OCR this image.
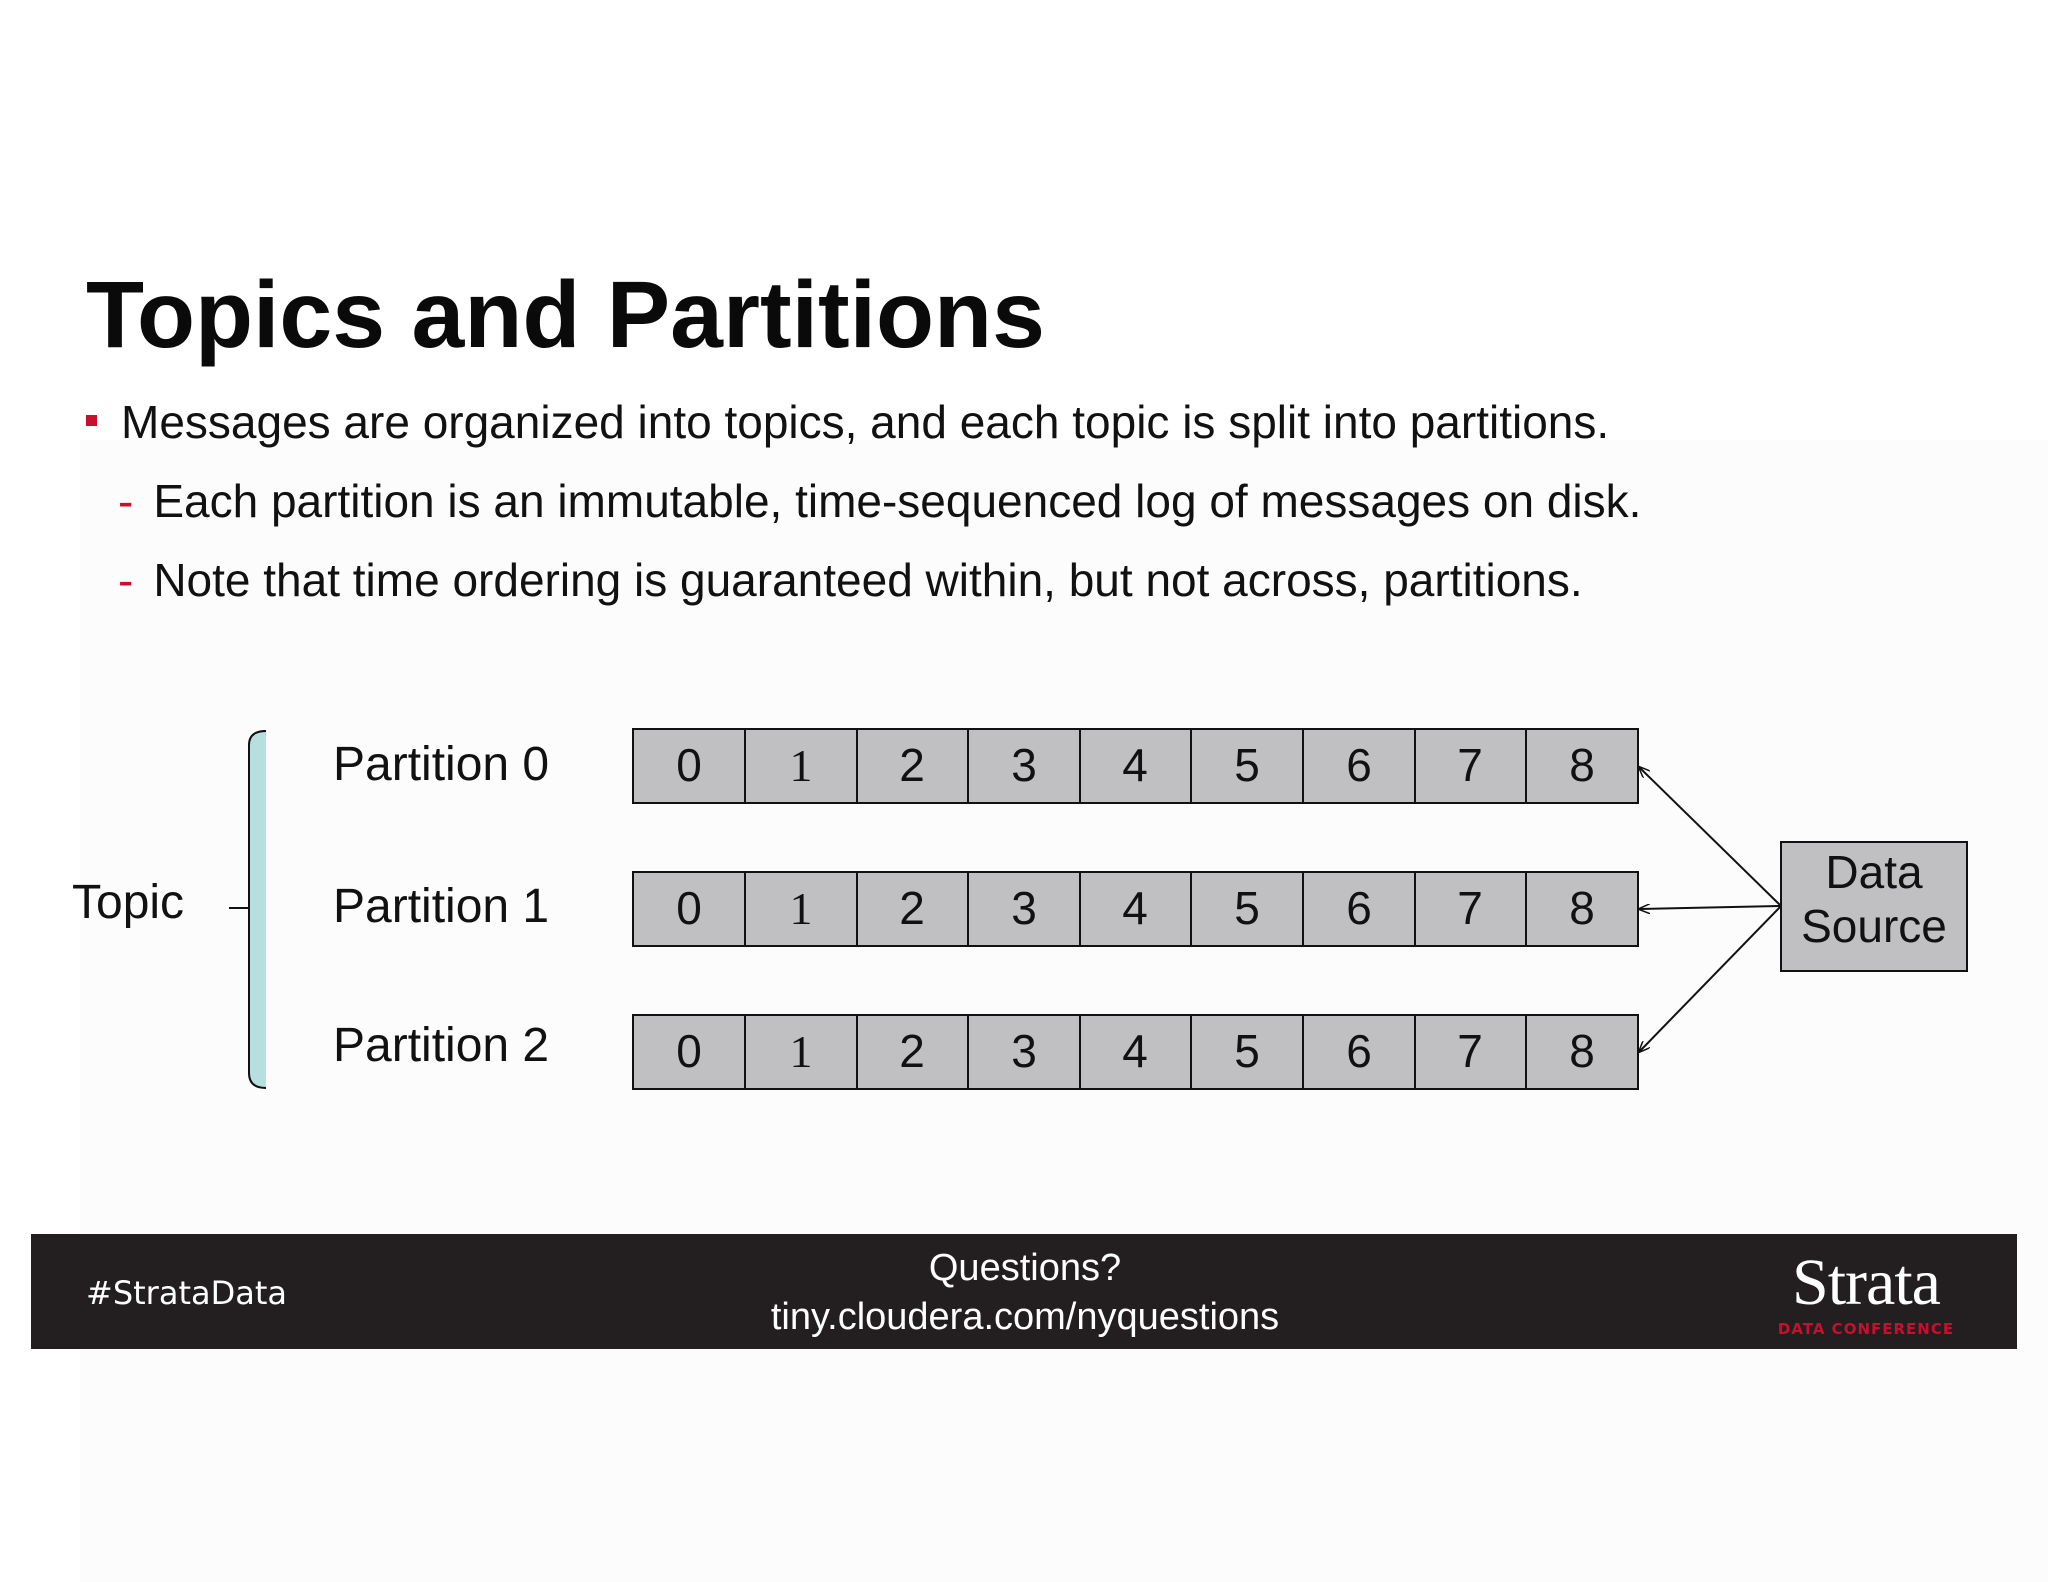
Topics and Partitions
Messages are organized into topics, and each topic is split into partitions.
- Each partition is an immutable, time-sequenced log of messages on disk.
- Note that time ordering is guaranteed within, but not across, partitions.
Topic
Partition 0
Partition 1
Partition 2
0 1 2 3 4 5 6 7 8
0 1 2 3 4 5 6 7 8
0 1 2 3 4 5 6 7 8
Data
Source
#StrataData
Questions?
tiny.cloudera.com/nyquestions	Strata
DATA CONFERENCE
